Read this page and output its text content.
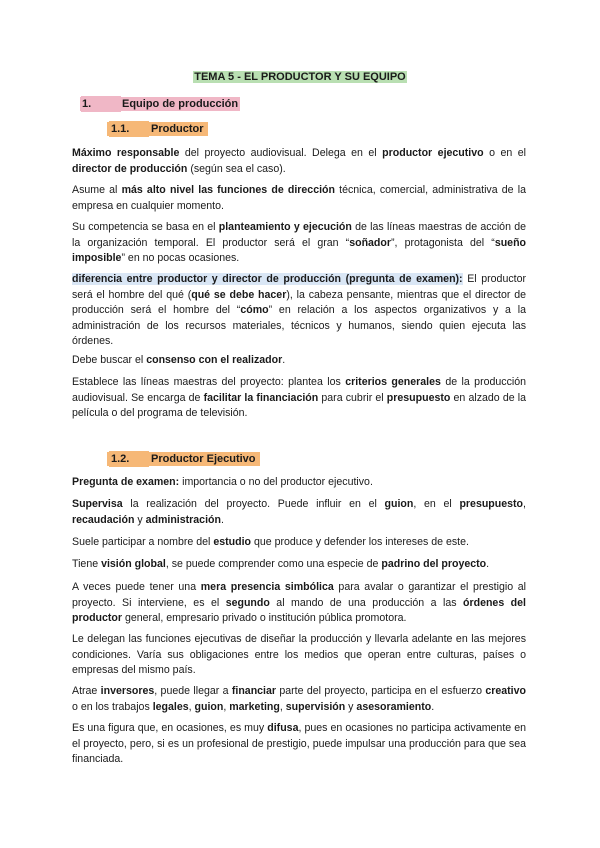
TEMA 5 - EL PRODUCTOR Y SU EQUIPO
1.	Equipo de producción
1.1. Productor

Máximo responsable del proyecto audiovisual. Delega en el productor ejecutivo o en el director de producción (según sea el caso).

Asume al más alto nivel las funciones de dirección técnica, comercial, administrativa de la empresa en cualquier momento.

Su competencia se basa en el planteamiento y ejecución de las líneas maestras de acción de la organización temporal. El productor será el gran “soñador”, protagonista del “sueño imposible” en no pocas ocasiones.

diferencia entre productor y director de producción (pregunta de examen): El productor será el hombre del qué (qué se debe hacer), la cabeza pensante, mientras que el director de producción será el hombre del “cómo” en relación a los aspectos organizativos y a la administración de los recursos materiales, técnicos y humanos, siendo quien ejecuta las órdenes.

Debe buscar el consenso con el realizador.

Establece las líneas maestras del proyecto: plantea los criterios generales de la producción audiovisual. Se encarga de facilitar la financiación para cubrir el presupuesto en alzado de la película o del programa de televisión.

1.2. Productor Ejecutivo

Pregunta de examen: importancia o no del productor ejecutivo.

Supervisa la realización del proyecto. Puede influir en el guion, en el presupuesto, recaudación y administración.

Suele participar a nombre del estudio que produce y defender los intereses de este.

Tiene visión global, se puede comprender como una especie de padrino del proyecto.

A veces puede tener una mera presencia simbólica para avalar o garantizar el prestigio al proyecto. Si interviene, es el segundo al mando de una producción a las órdenes del productor general, empresario privado o institución pública promotora.

Le delegan las funciones ejecutivas de diseñar la producción y llevarla adelante en las mejores condiciones. Varía sus obligaciones entre los medios que operan entre culturas, países o empresas del mismo país.

Atrae inversores, puede llegar a financiar parte del proyecto, participa en el esfuerzo creativo o en los trabajos legales, guion, marketing, supervisión y asesoramiento.

Es una figura que, en ocasiones, es muy difusa, pues en ocasiones no participa activamente en el proyecto, pero, si es un profesional de prestigio, puede impulsar una producción para que sea financiada.
